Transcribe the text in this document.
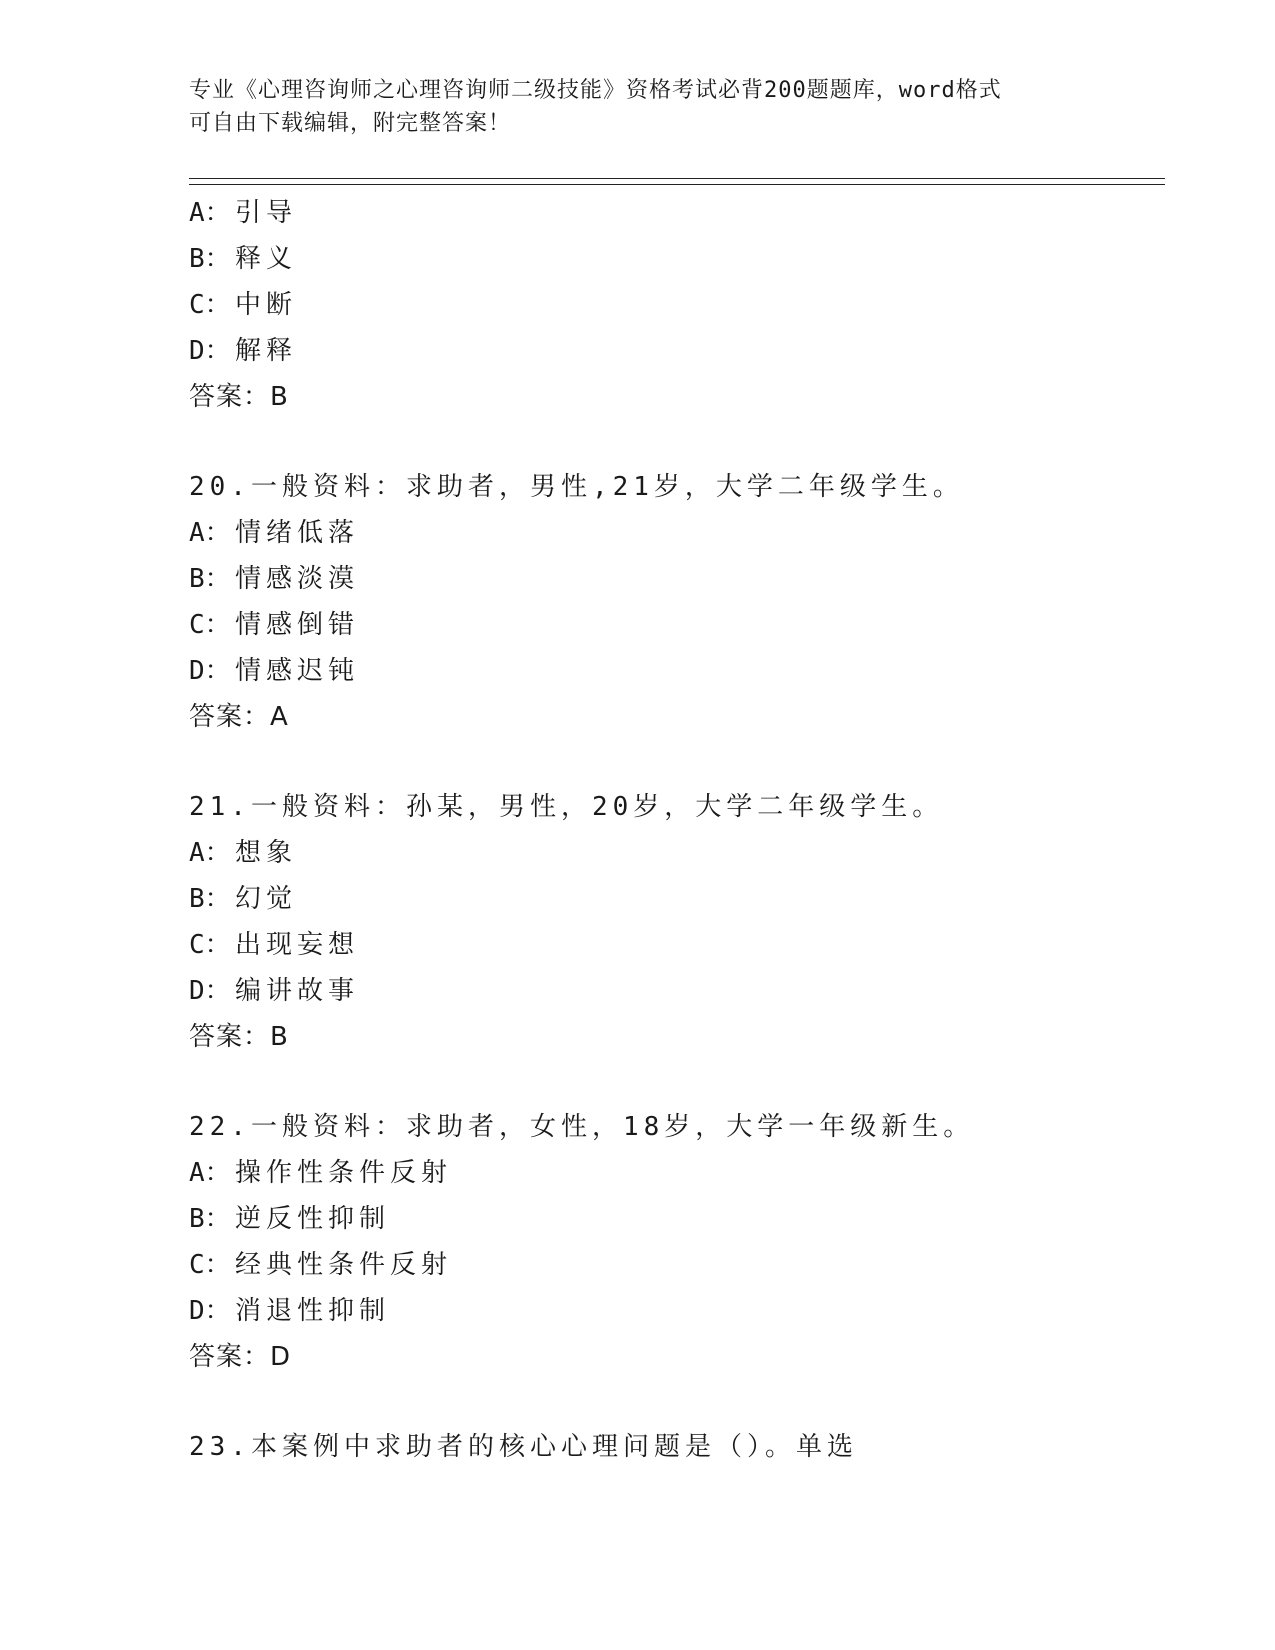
专业《心理咨询师之心理咨询师二级技能》资格考试必背200题题库，word格式
可自由下载编辑，附完整答案！
A： 引导
B： 释义
C： 中断
D： 解释
答案：B
20.一般资料：求助者，男性,21岁，大学二年级学生。
A： 情绪低落
B： 情感淡漠
C： 情感倒错
D： 情感迟钝
答案：A
21.一般资料：孙某，男性，20岁，大学二年级学生。
A： 想象
B： 幻觉
C： 出现妄想
D： 编讲故事
答案：B
22.一般资料：求助者，女性，18岁，大学一年级新生。
A： 操作性条件反射
B： 逆反性抑制
C： 经典性条件反射
D： 消退性抑制
答案：D
23.本案例中求助者的核心心理问题是（）。单选
